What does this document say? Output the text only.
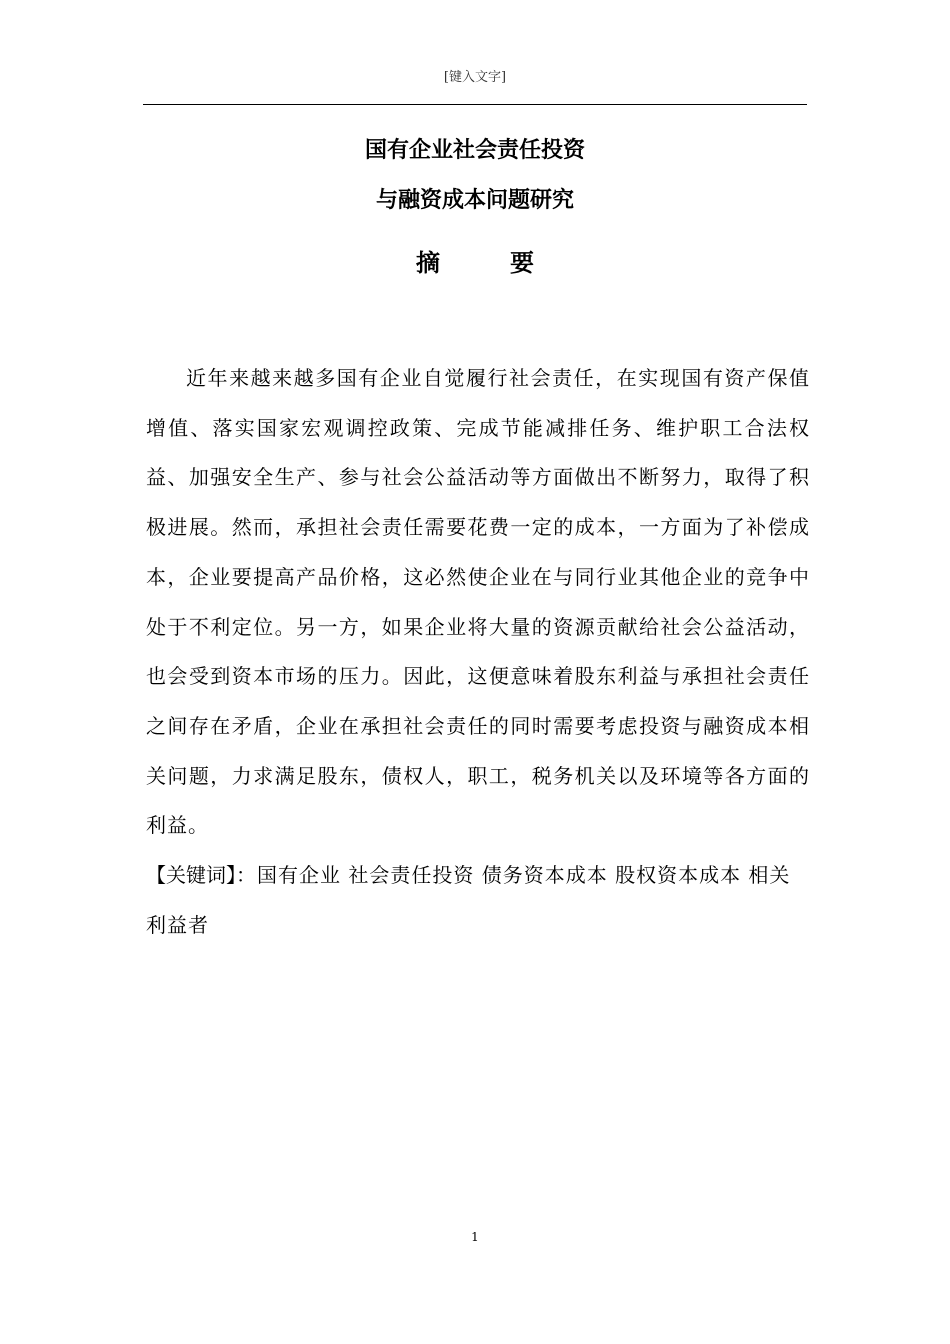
[键入文字]
国有企业社会责任投资
与融资成本问题研究
摘要

近年来越来越多国有企业自觉履行社会责任，在实现国有资产保值增值、落实国家宏观调控政策、完成节能减排任务、维护职工合法权益、加强安全生产、参与社会公益活动等方面做出不断努力，取得了积极进展。然而，承担社会责任需要花费一定的成本，一方面为了补偿成本，企业要提高产品价格，这必然使企业在与同行业其他企业的竞争中处于不利定位。另一方，如果企业将大量的资源贡献给社会公益活动，也会受到资本市场的压力。因此，这便意味着股东利益与承担社会责任之间存在矛盾，企业在承担社会责任的同时需要考虑投资与融资成本相关问题，力求满足股东，债权人，职工，税务机关以及环境等各方面的利益。

【关键词】：国有企业 社会责任投资 债务资本成本 股权资本成本 相关利益者

1
